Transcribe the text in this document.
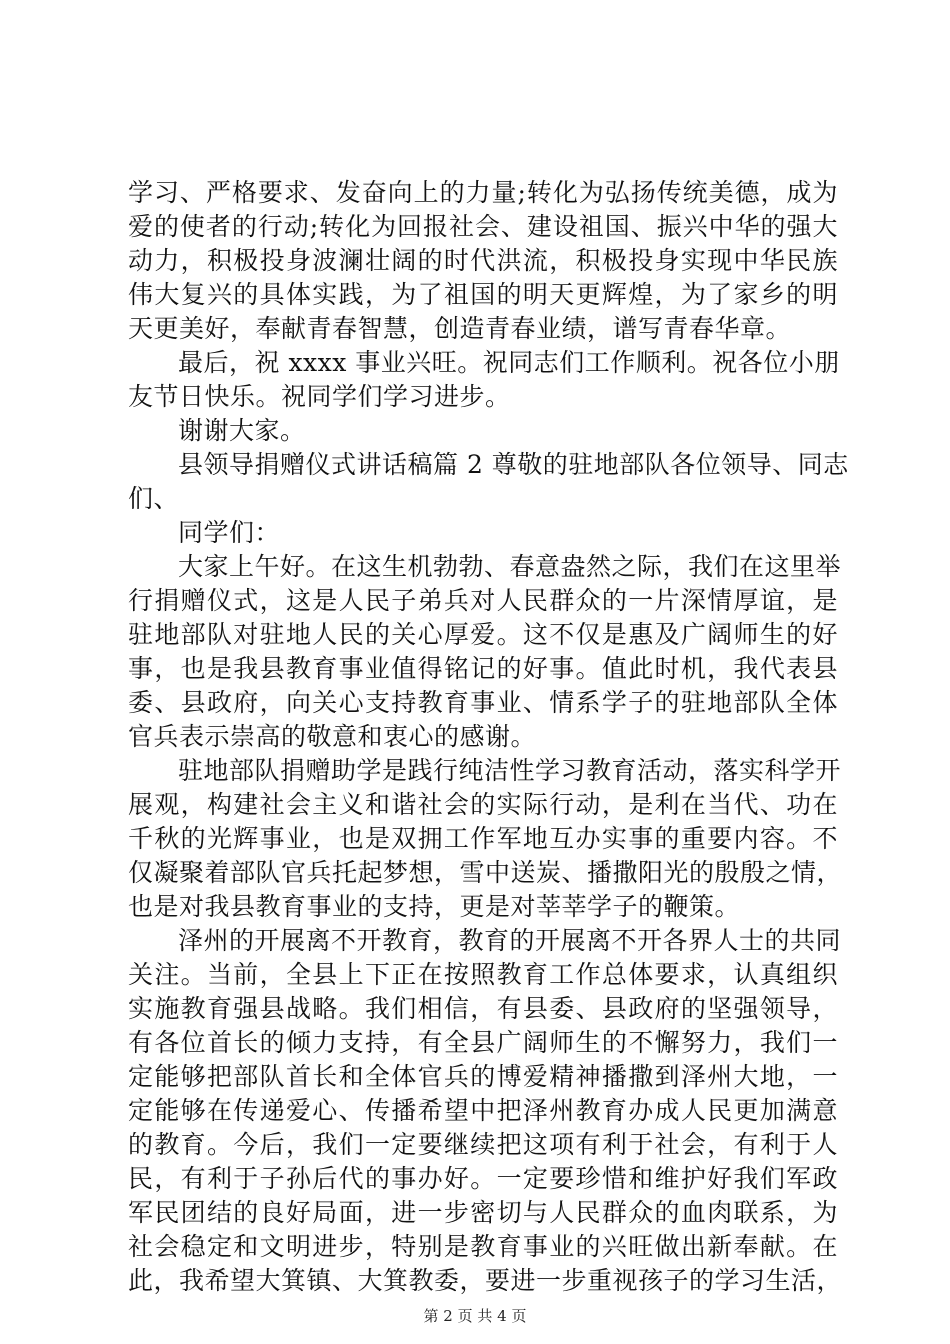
学习、严格要求、发奋向上的力量;转化为弘扬传统美德，成为
爱的使者的行动;转化为回报社会、建设祖国、振兴中华的强大
动力，积极投身波澜壮阔的时代洪流，积极投身实现中华民族
伟大复兴的具体实践，为了祖国的明天更辉煌，为了家乡的明
天更美好，奉献青春智慧，创造青春业绩，谱写青春华章。
最后，祝 xxxx 事业兴旺。祝同志们工作顺利。祝各位小朋
友节日快乐。祝同学们学习进步。
谢谢大家。
县领导捐赠仪式讲话稿篇 2 尊敬的驻地部队各位领导、同志
们、
同学们：
大家上午好。在这生机勃勃、春意盎然之际，我们在这里举
行捐赠仪式，这是人民子弟兵对人民群众的一片深情厚谊，是
驻地部队对驻地人民的关心厚爱。这不仅是惠及广阔师生的好
事，也是我县教育事业值得铭记的好事。值此时机，我代表县
委、县政府，向关心支持教育事业、情系学子的驻地部队全体
官兵表示崇高的敬意和衷心的感谢。
驻地部队捐赠助学是践行纯洁性学习教育活动，落实科学开
展观，构建社会主义和谐社会的实际行动，是利在当代、功在
千秋的光辉事业，也是双拥工作军地互办实事的重要内容。不
仅凝聚着部队官兵托起梦想，雪中送炭、播撒阳光的殷殷之情，
也是对我县教育事业的支持，更是对莘莘学子的鞭策。
泽州的开展离不开教育，教育的开展离不开各界人士的共同
关注。当前，全县上下正在按照教育工作总体要求，认真组织
实施教育强县战略。我们相信，有县委、县政府的坚强领导，
有各位首长的倾力支持，有全县广阔师生的不懈努力，我们一
定能够把部队首长和全体官兵的博爱精神播撒到泽州大地，一
定能够在传递爱心、传播希望中把泽州教育办成人民更加满意
的教育。今后，我们一定要继续把这项有利于社会，有利于人
民，有利于子孙后代的事办好。一定要珍惜和维护好我们军政
军民团结的良好局面，进一步密切与人民群众的血肉联系，为
社会稳定和文明进步，特别是教育事业的兴旺做出新奉献。在
此，我希望大箕镇、大箕教委，要进一步重视孩子的学习生活，
第 2 页 共 4 页
